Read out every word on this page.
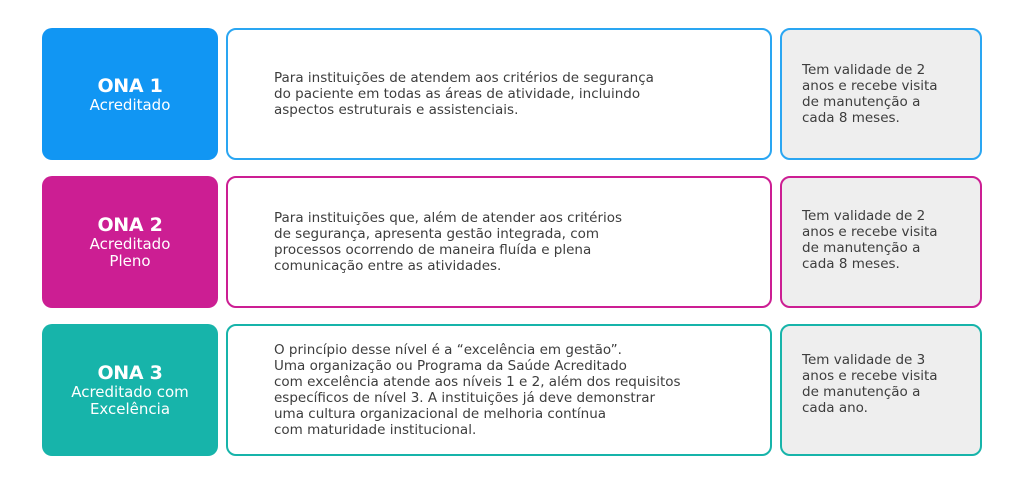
ONA 1
Acreditado
Para instituições de atendem aos critérios de segurança
do paciente em todas as áreas de atividade, incluindo
aspectos estruturais e assistenciais.
Tem validade de 2
anos e recebe visita
de manutenção a
cada 8 meses.
ONA 2
Acreditado
Pleno
Para instituições que, além de atender aos critérios
de segurança, apresenta gestão integrada, com
processos ocorrendo de maneira fluída e plena
comunicação entre as atividades.
Tem validade de 2
anos e recebe visita
de manutenção a
cada 8 meses.
ONA 3
Acreditado com
Excelência
O princípio desse nível é a “excelência em gestão”.
Uma organização ou Programa da Saúde Acreditado
com excelência atende aos níveis 1 e 2, além dos requisitos
específicos de nível 3. A instituições já deve demonstrar
uma cultura organizacional de melhoria contínua
com maturidade institucional.
Tem validade de 3
anos e recebe visita
de manutenção a
cada ano.
